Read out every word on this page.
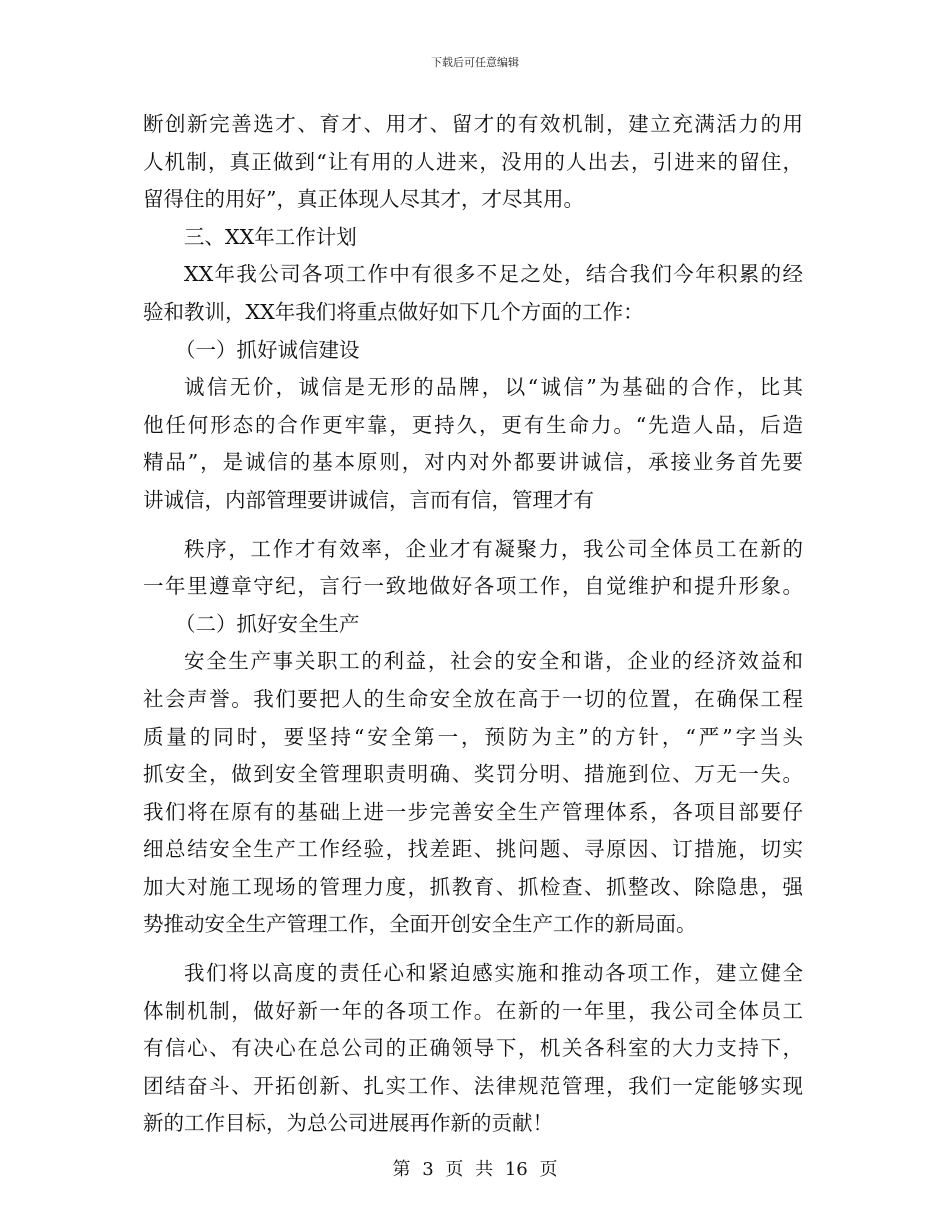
下载后可任意编辑
断创新完善选才、育才、用才、留才的有效机制，建立充满活力的用
人机制，真正做到“让有用的人进来，没用的人出去，引进来的留住，
留得住的用好”，真正体现人尽其才，才尽其用。
三、XX年工作计划
XX年我公司各项工作中有很多不足之处，结合我们今年积累的经
验和教训，XX年我们将重点做好如下几个方面的工作：
（一）抓好诚信建设
诚信无价，诚信是无形的品牌，以“诚信”为基础的合作，比其
他任何形态的合作更牢靠，更持久，更有生命力。“先造人品，后造
精品”，是诚信的基本原则，对内对外都要讲诚信，承接业务首先要
讲诚信，内部管理要讲诚信，言而有信，管理才有
秩序，工作才有效率，企业才有凝聚力，我公司全体员工在新的
一年里遵章守纪，言行一致地做好各项工作，自觉维护和提升形象。
（二）抓好安全生产
安全生产事关职工的利益，社会的安全和谐，企业的经济效益和
社会声誉。我们要把人的生命安全放在高于一切的位置，在确保工程
质量的同时，要坚持“安全第一，预防为主”的方针，“严”字当头
抓安全，做到安全管理职责明确、奖罚分明、措施到位、万无一失。
我们将在原有的基础上进一步完善安全生产管理体系，各项目部要仔
细总结安全生产工作经验，找差距、挑问题、寻原因、订措施，切实
加大对施工现场的管理力度，抓教育、抓检查、抓整改、除隐患，强
势推动安全生产管理工作，全面开创安全生产工作的新局面。
我们将以高度的责任心和紧迫感实施和推动各项工作，建立健全
体制机制，做好新一年的各项工作。在新的一年里，我公司全体员工
有信心、有决心在总公司的正确领导下，机关各科室的大力支持下，
团结奋斗、开拓创新、扎实工作、法律规范管理，我们一定能够实现
新的工作目标，为总公司进展再作新的贡献！
第 3 页 共 16 页
